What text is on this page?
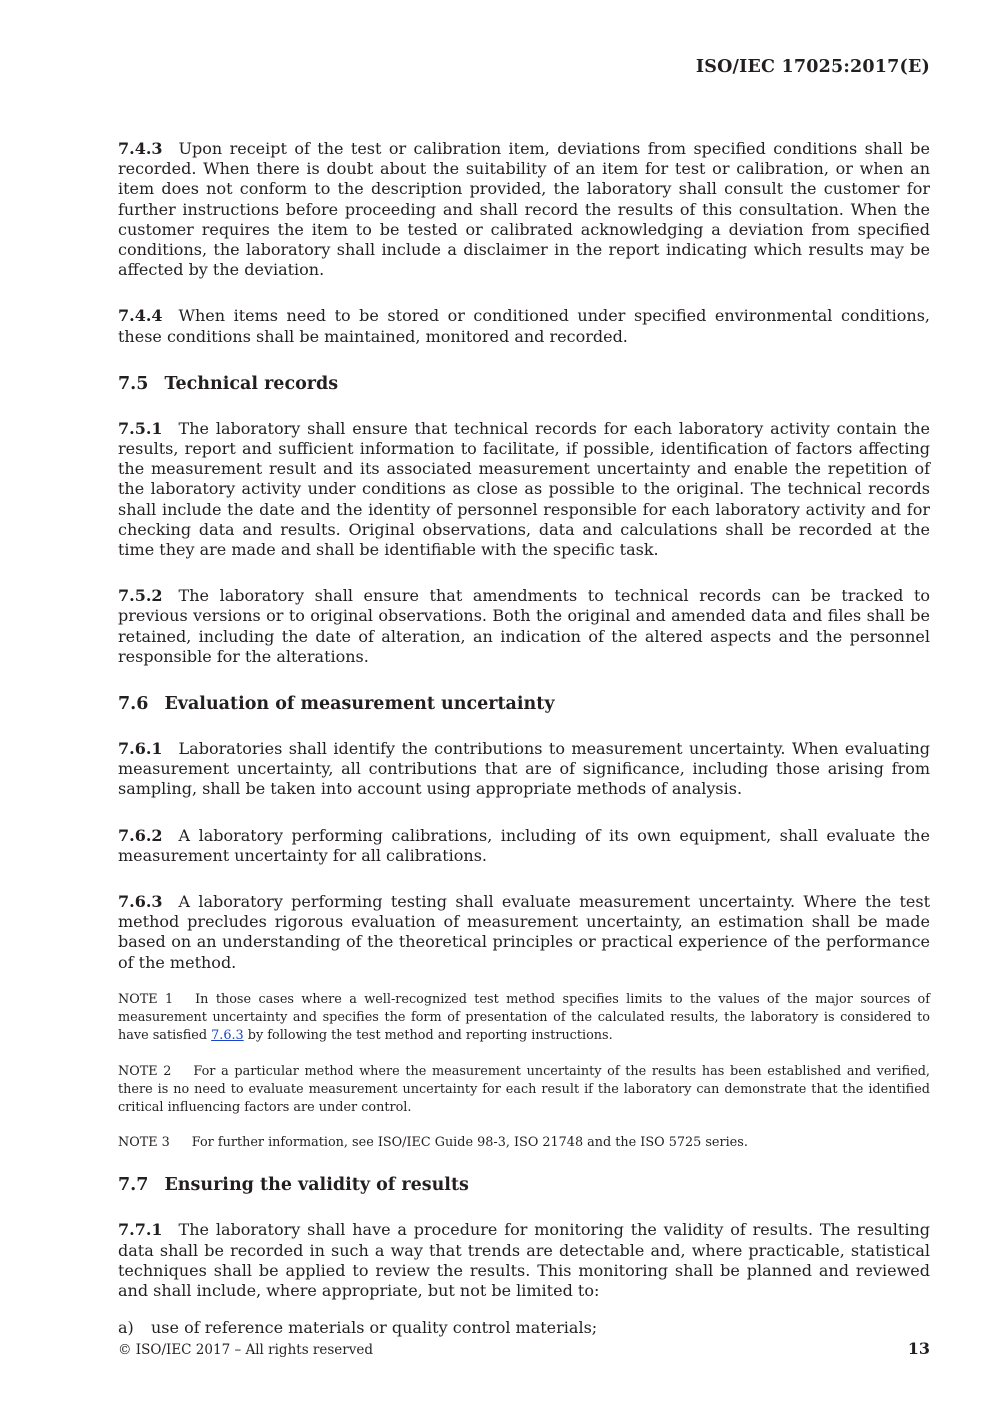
ISO/IEC 17025:2017(E)

7.4.3 Upon receipt of the test or calibration item, deviations from specified conditions shall be recorded. When there is doubt about the suitability of an item for test or calibration, or when an item does not conform to the description provided, the laboratory shall consult the customer for further instructions before proceeding and shall record the results of this consultation. When the customer requires the item to be tested or calibrated acknowledging a deviation from specified conditions, the laboratory shall include a disclaimer in the report indicating which results may be affected by the deviation.

7.4.4 When items need to be stored or conditioned under specified environmental conditions, these conditions shall be maintained, monitored and recorded.

7.5 Technical records

7.5.1 The laboratory shall ensure that technical records for each laboratory activity contain the results, report and sufficient information to facilitate, if possible, identification of factors affecting the measurement result and its associated measurement uncertainty and enable the repetition of the laboratory activity under conditions as close as possible to the original. The technical records shall include the date and the identity of personnel responsible for each laboratory activity and for checking data and results. Original observations, data and calculations shall be recorded at the time they are made and shall be identifiable with the specific task.

7.5.2 The laboratory shall ensure that amendments to technical records can be tracked to previous versions or to original observations. Both the original and amended data and files shall be retained, including the date of alteration, an indication of the altered aspects and the personnel responsible for the alterations.

7.6 Evaluation of measurement uncertainty

7.6.1 Laboratories shall identify the contributions to measurement uncertainty. When evaluating measurement uncertainty, all contributions that are of significance, including those arising from sampling, shall be taken into account using appropriate methods of analysis.

7.6.2 A laboratory performing calibrations, including of its own equipment, shall evaluate the measurement uncertainty for all calibrations.

7.6.3 A laboratory performing testing shall evaluate measurement uncertainty. Where the test method precludes rigorous evaluation of measurement uncertainty, an estimation shall be made based on an understanding of the theoretical principles or practical experience of the performance of the method.

NOTE 1 In those cases where a well-recognized test method specifies limits to the values of the major sources of measurement uncertainty and specifies the form of presentation of the calculated results, the laboratory is considered to have satisfied 7.6.3 by following the test method and reporting instructions.

NOTE 2 For a particular method where the measurement uncertainty of the results has been established and verified, there is no need to evaluate measurement uncertainty for each result if the laboratory can demonstrate that the identified critical influencing factors are under control.

NOTE 3 For further information, see ISO/IEC Guide 98-3, ISO 21748 and the ISO 5725 series.

7.7 Ensuring the validity of results

7.7.1 The laboratory shall have a procedure for monitoring the validity of results. The resulting data shall be recorded in such a way that trends are detectable and, where practicable, statistical techniques shall be applied to review the results. This monitoring shall be planned and reviewed and shall include, where appropriate, but not be limited to:

a) use of reference materials or quality control materials;

© ISO/IEC 2017 – All rights reserved	13
